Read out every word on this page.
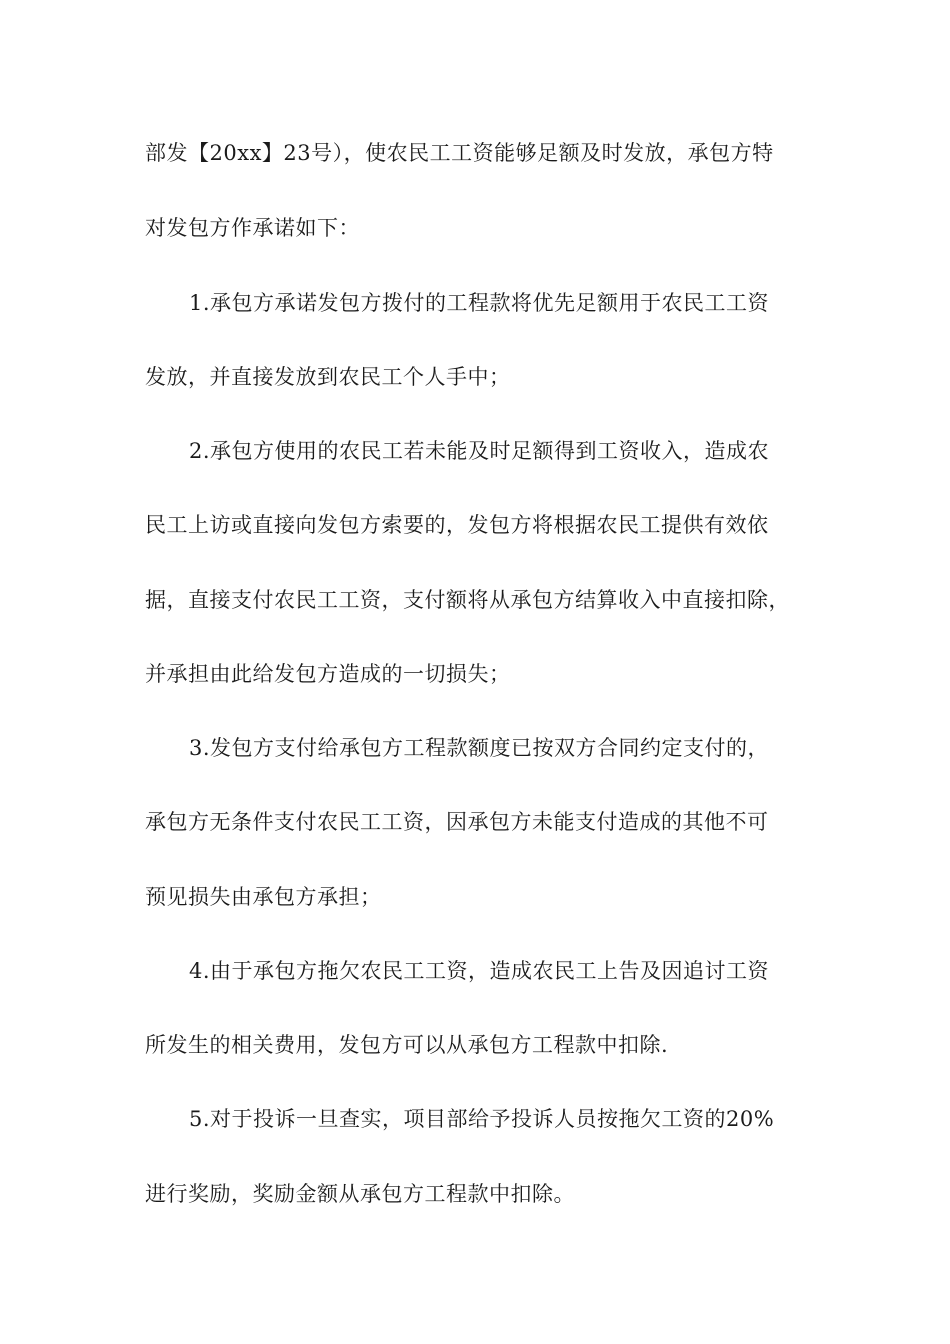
部发【20xx】23号），使农民工工资能够足额及时发放，承包方特
对发包方作承诺如下：
1.承包方承诺发包方拨付的工程款将优先足额用于农民工工资
发放，并直接发放到农民工个人手中；
2.承包方使用的农民工若未能及时足额得到工资收入，造成农
民工上访或直接向发包方索要的，发包方将根据农民工提供有效依
据，直接支付农民工工资，支付额将从承包方结算收入中直接扣除，
并承担由此给发包方造成的一切损失；
3.发包方支付给承包方工程款额度已按双方合同约定支付的，
承包方无条件支付农民工工资，因承包方未能支付造成的其他不可
预见损失由承包方承担；
4.由于承包方拖欠农民工工资，造成农民工上告及因追讨工资
所发生的相关费用，发包方可以从承包方工程款中扣除.
5.对于投诉一旦查实，项目部给予投诉人员按拖欠工资的20%
进行奖励，奖励金额从承包方工程款中扣除。
